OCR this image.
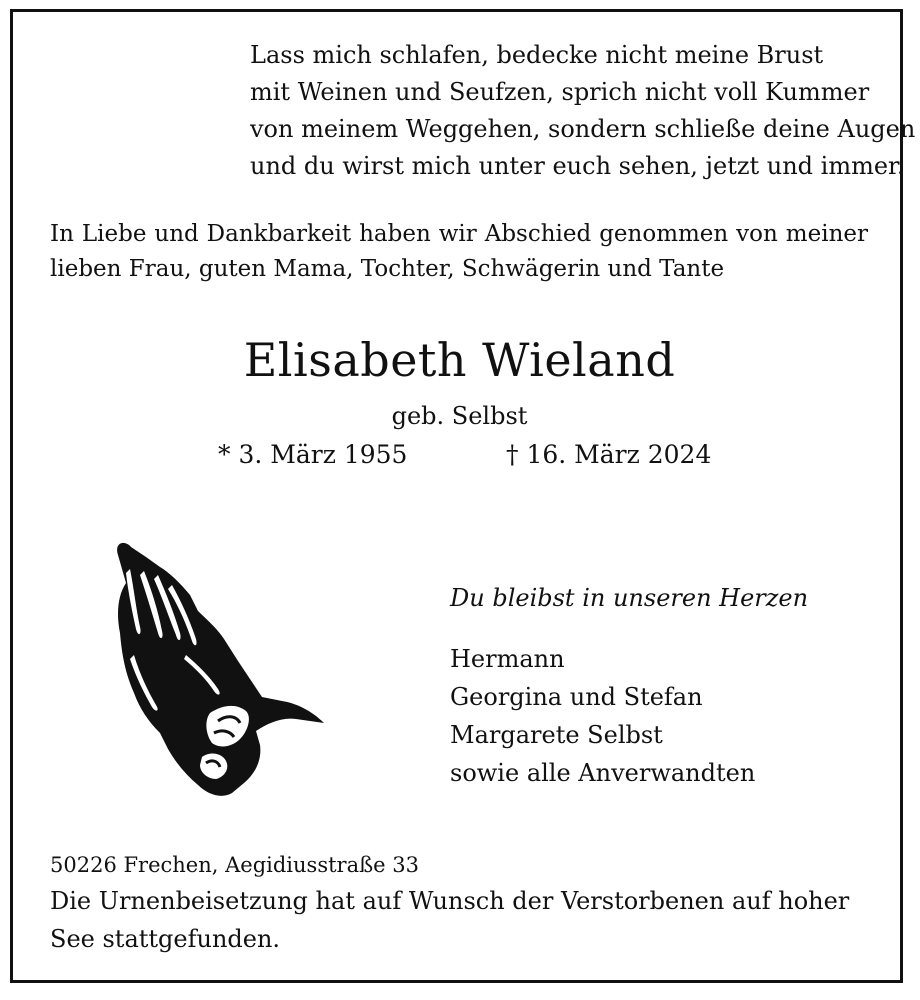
Lass mich schlafen, bedecke nicht meine Brust
mit Weinen und Seufzen, sprich nicht voll Kummer
von meinem Weggehen, sondern schließe deine Augen
und du wirst mich unter euch sehen, jetzt und immer.
In Liebe und Dankbarkeit haben wir Abschied genommen von meiner
lieben Frau, guten Mama, Tochter, Schwägerin und Tante
Elisabeth Wieland
geb. Selbst
* 3. März 1955	† 16. März 2024
Du bleibst in unseren Herzen
Hermann
Georgina und Stefan
Margarete Selbst
sowie alle Anverwandten
50226 Frechen, Aegidiusstraße 33
Die Urnenbeisetzung hat auf Wunsch der Verstorbenen auf hoher
See stattgefunden.
